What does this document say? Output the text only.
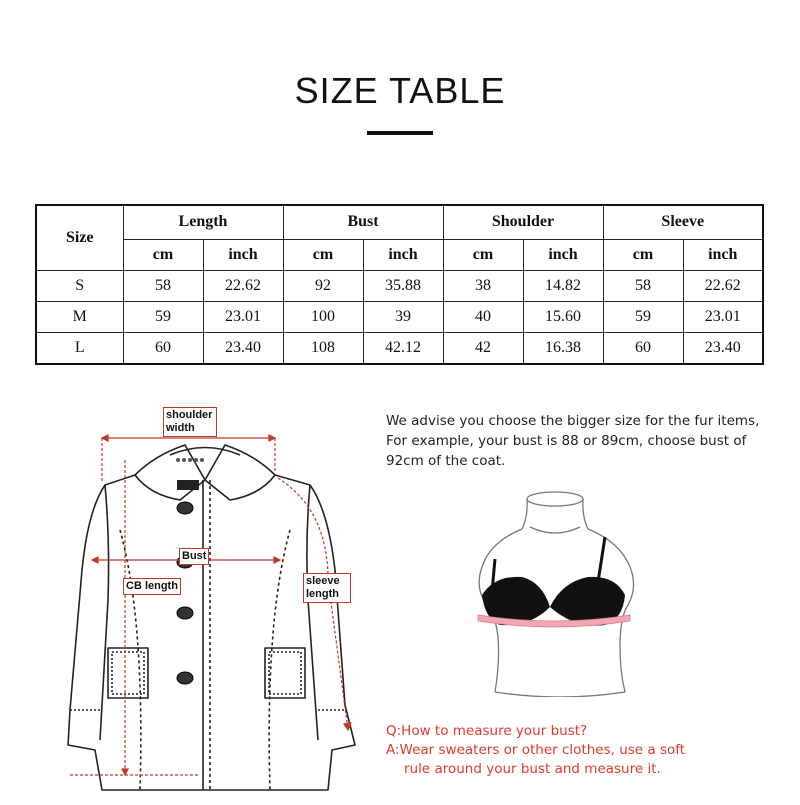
SIZE TABLE
Size	Length		Bust		Shoulder		Sleeve	
	cm	inch	cm	inch	cm	inch	cm	inch
S	58	22.62	92	35.88	38	14.82	58	22.62
M	59	23.01	100	39	40	15.60	59	23.01
L	60	23.40	108	42.12	42	16.38	60	23.40
shoulder width
Bust
CB length	sleeve length
We advise you choose the bigger size for the fur items, For example, your bust is 88 or 89cm, choose bust of 92cm of the coat.
Q:How to measure your bust?
A:Wear sweaters or other clothes, use a soft
rule around your bust and measure it.
